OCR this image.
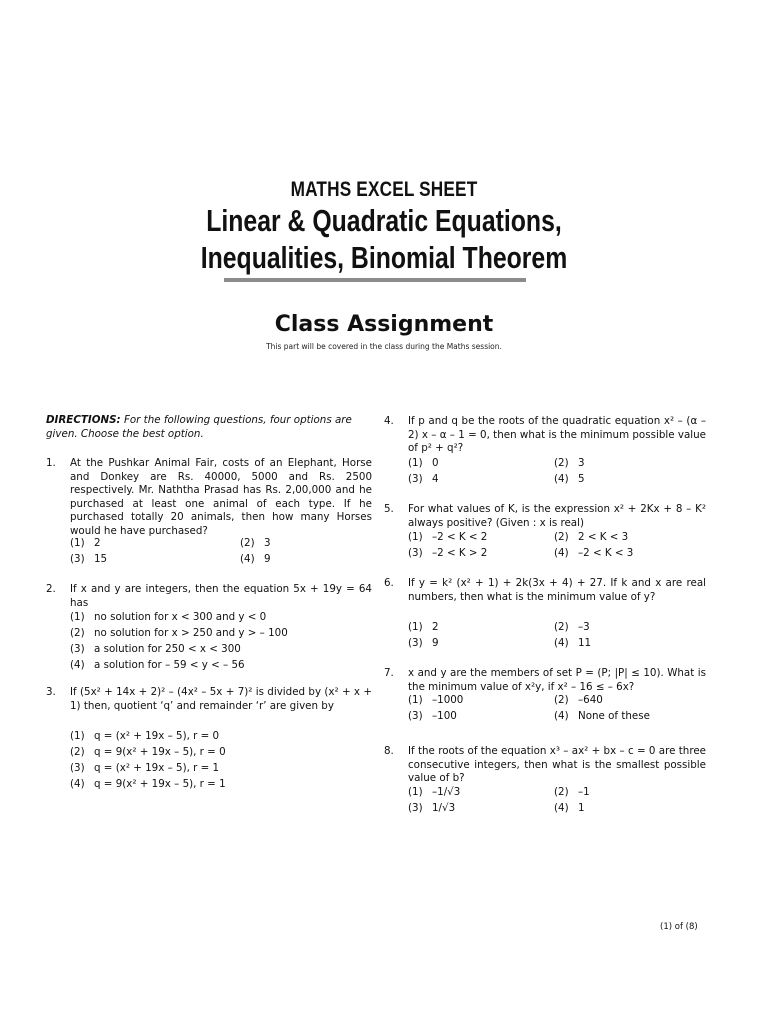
MATHS EXCEL SHEET
Linear & Quadratic Equations,
Inequalities, Binomial Theorem
Class Assignment
This part will be covered in the class during the Maths session.
DIRECTIONS: For the following questions, four options are given. Choose the best option.
1.	At the Pushkar Animal Fair, costs of an Elephant, Horse and Donkey are Rs. 40000, 5000 and Rs. 2500 respectively. Mr. Naththa Prasad has Rs. 2,00,000 and he purchased at least one animal of each type. If he purchased totally 20 animals, then how many Horses would he have purchased?
(1) 2	(2) 3
(3) 15	(4) 9
2.	If x and y are integers, then the equation 5x + 19y = 64 has
(1) no solution for x < 300 and y < 0
(2) no solution for x > 250 and y > – 100
(3) a solution for 250 < x < 300
(4) a solution for – 59 < y < – 56
3.	If (5x² + 14x + 2)² – (4x² – 5x + 7)² is divided by (x² + x + 1) then, quotient ‘q’ and remainder ‘r’ are given by
(1) q = (x² + 19x – 5), r = 0
(2) q = 9(x² + 19x – 5), r = 0
(3) q = (x² + 19x – 5), r = 1
(4) q = 9(x² + 19x – 5), r = 1
4.	If p and q be the roots of the quadratic equation x² – (α – 2) x – α – 1 = 0, then what is the minimum possible value of p² + q²?
(1) 0	(2) 3
(3) 4	(4) 5
5.	For what values of K, is the expression x² + 2Kx + 8 – K² always positive? (Given : x is real)
(1) –2 < K < 2	(2) 2 < K < 3
(3) –2 < K > 2	(4) –2 < K < 3
6.	If y = k² (x² + 1) + 2k(3x + 4) + 27. If k and x are real numbers, then what is the minimum value of y?
(1) 2	(2) –3
(3) 9	(4) 11
7.	x and y are the members of set P = (P; |P| ≤ 10). What is the minimum value of x²y, if x² – 16 ≤ – 6x?
(1) –1000	(2) –640
(3) –100	(4) None of these
8.	If the roots of the equation x³ – ax² + bx – c = 0 are three consecutive integers, then what is the smallest possible value of b?
(1) –1/√3	(2) –1
(3) 1/√3	(4) 1
(1) of (8)
